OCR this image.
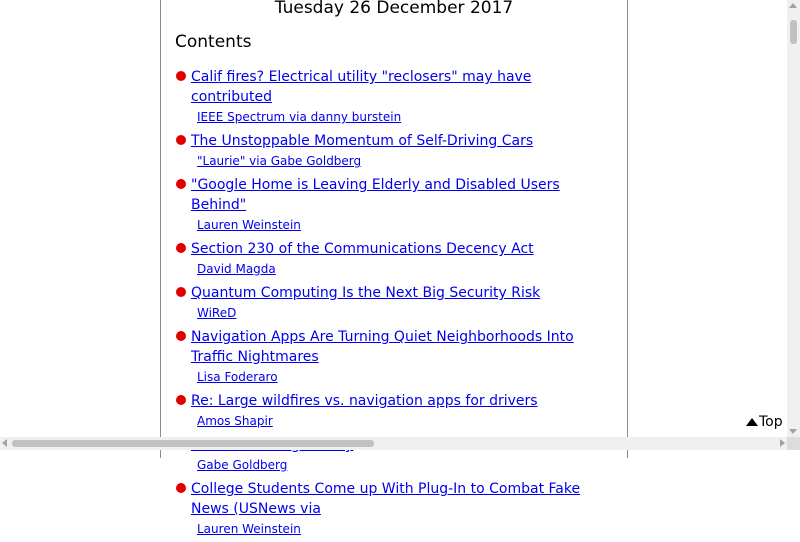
Tuesday 26 December 2017
Contents
Calif fires? Electrical utility "reclosers" may have contributed
IEEE Spectrum via danny burstein
The Unstoppable Momentum of Self-Driving Cars
"Laurie" via Gabe Goldberg
"Google Home is Leaving Elderly and Disabled Users Behind"
Lauren Weinstein
Section 230 of the Communications Decency Act
David Magda
Quantum Computing Is the Next Big Security Risk
WiReD
Navigation Apps Are Turning Quiet Neighborhoods Into Traffic Nightmares
Lisa Foderaro
Re: Large wildfires vs. navigation apps for drivers
Amos Shapir

Gabe Goldberg
College Students Come up With Plug-In to Combat Fake News (USNews via
Lauren Weinstein
Top
